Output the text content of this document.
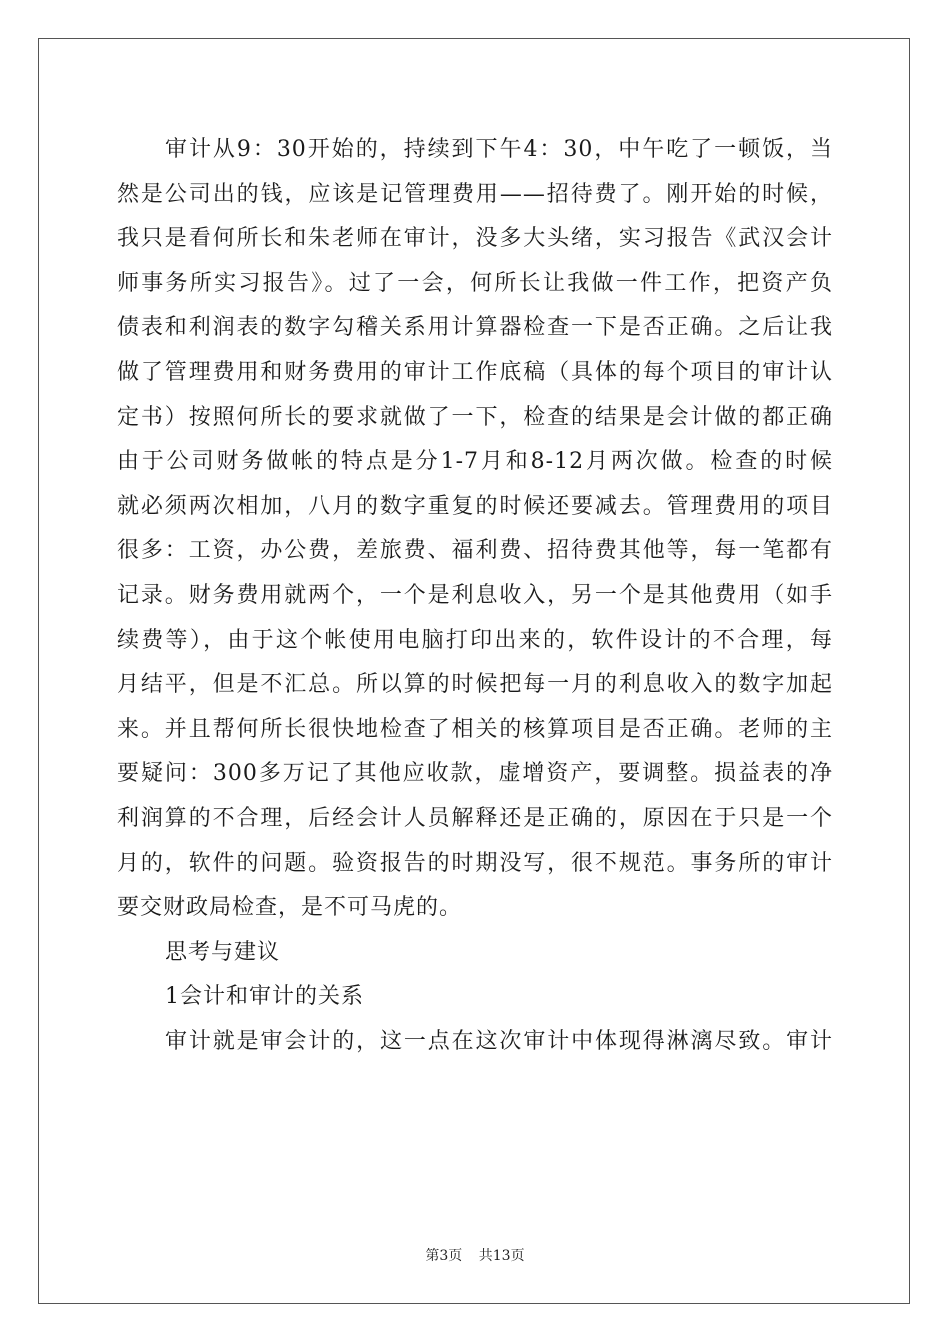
审计从9：30开始的，持续到下午4：30，中午吃了一顿饭，当
然是公司出的钱，应该是记管理费用——招待费了。刚开始的时候，
我只是看何所长和朱老师在审计，没多大头绪，实习报告《武汉会计
师事务所实习报告》。过了一会，何所长让我做一件工作，把资产负
债表和利润表的数字勾稽关系用计算器检查一下是否正确。之后让我
做了管理费用和财务费用的审计工作底稿（具体的每个项目的审计认
定书）按照何所长的要求就做了一下，检查的结果是会计做的都正确
由于公司财务做帐的特点是分1-7月和8-12月两次做。检查的时候
就必须两次相加，八月的数字重复的时候还要减去。管理费用的项目
很多：工资，办公费，差旅费、福利费、招待费其他等，每一笔都有
记录。财务费用就两个，一个是利息收入，另一个是其他费用（如手
续费等），由于这个帐使用电脑打印出来的，软件设计的不合理，每
月结平，但是不汇总。所以算的时候把每一月的利息收入的数字加起
来。并且帮何所长很快地检查了相关的核算项目是否正确。老师的主
要疑问：300多万记了其他应收款，虚增资产，要调整。损益表的净
利润算的不合理，后经会计人员解释还是正确的，原因在于只是一个
月的，软件的问题。验资报告的时期没写，很不规范。事务所的审计
要交财政局检查，是不可马虎的。
思考与建议
1会计和审计的关系
审计就是审会计的，这一点在这次审计中体现得淋漓尽致。审计
第3页 共13页
